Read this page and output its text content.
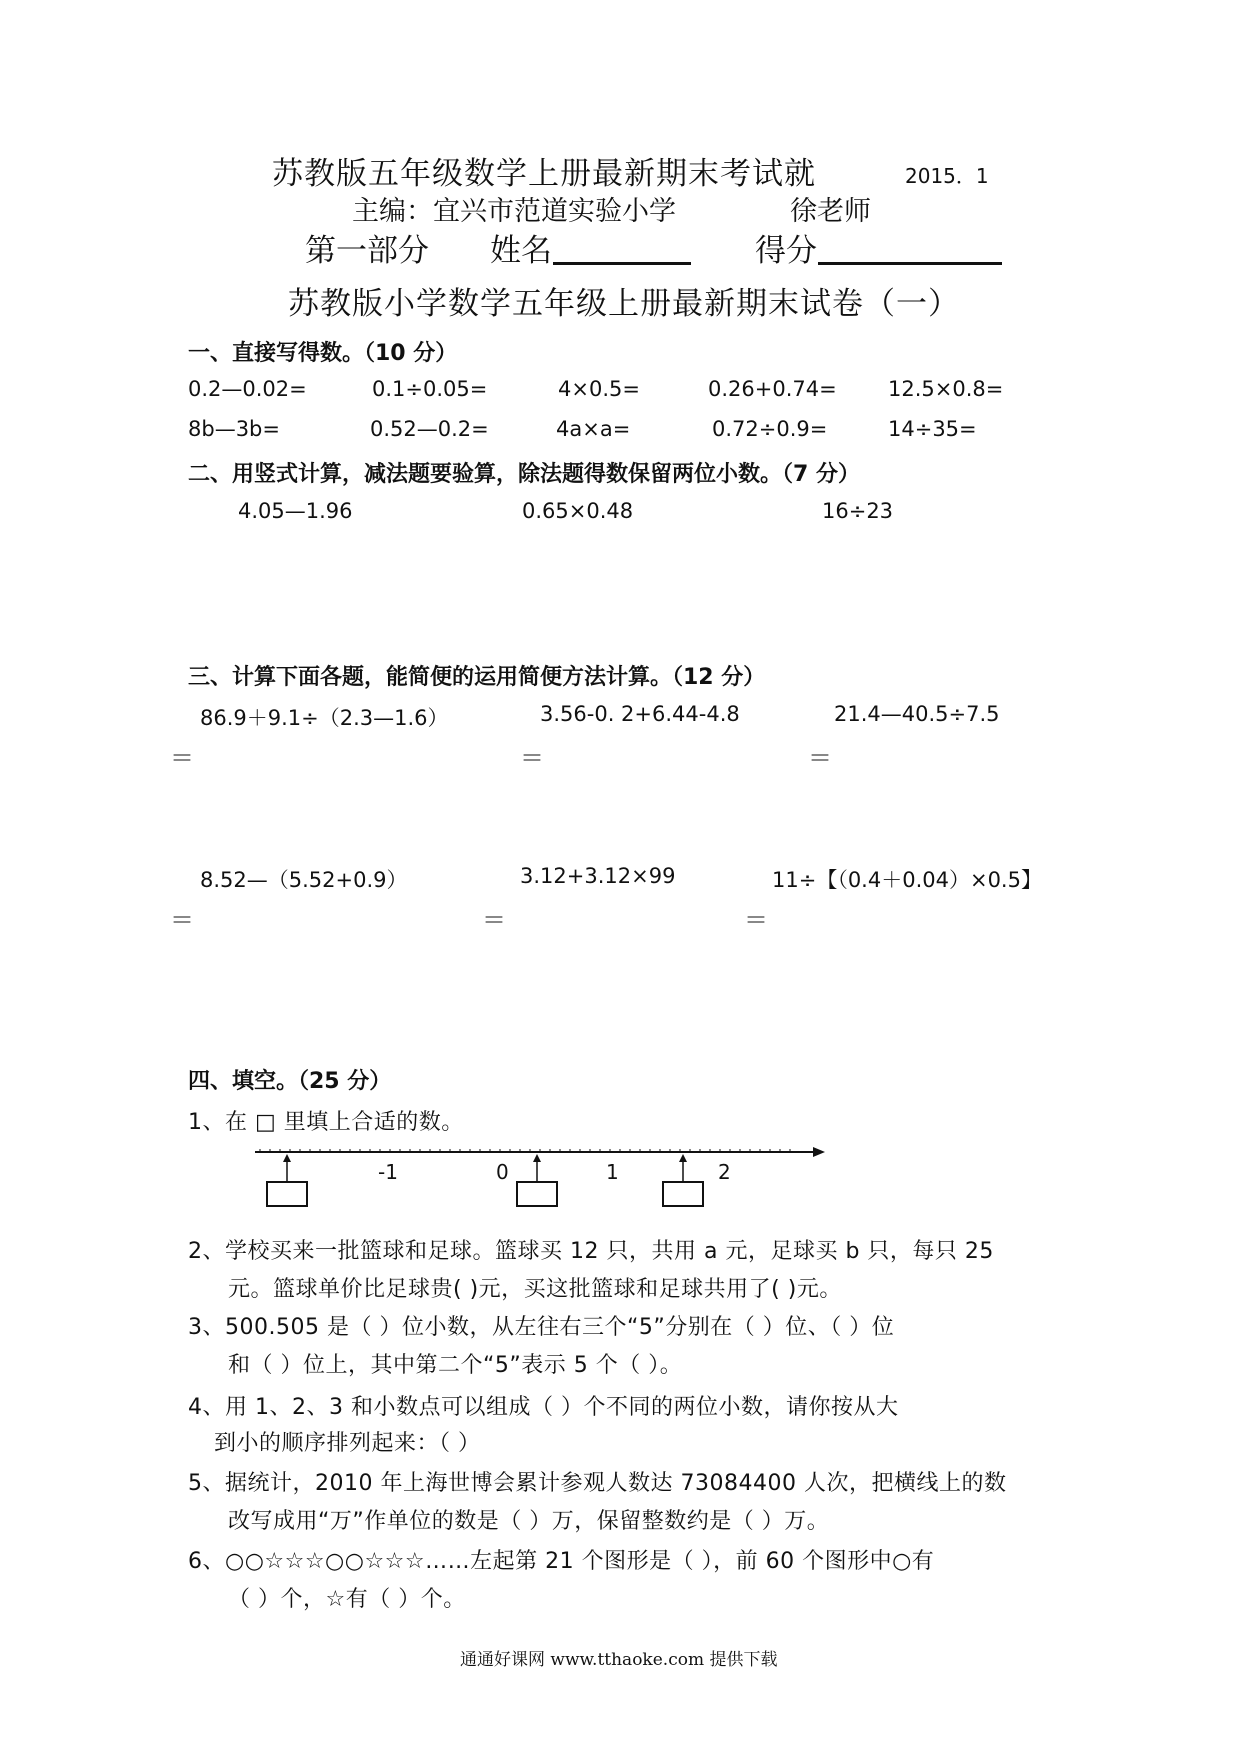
苏教版五年级数学上册最新期末考试就	2015．1
主编：宜兴市范道实验小学	徐老师
第一部分 姓名	得分
苏教版小学数学五年级上册最新期末试卷（一）
一、直接写得数。（10 分）
0.2—0.02=	0.1÷0.05=	4×0.5=	0.26+0.74= 12.5×0.8=
8b—3b=	0.52—0.2=	4a×a=	0.72÷0.9=	14÷35=
二、用竖式计算，减法题要验算，除法题得数保留两位小数。（7 分）
4.05—1.96	0.65×0.48	16÷23
三、计算下面各题，能简便的运用简便方法计算。（12 分）
86.9＋9.1÷（2.3—1.6）	3.56-0. 2+6.44-4.8	21.4—40.5÷7.5
＝	＝	＝
8.52—（5.52+0.9）	3.12+3.12×99	11÷【（0.4＋0.04）×0.5】
＝	＝	＝
四、填空。（25 分）
1、在 □ 里填上合适的数。
-1	0	1	2
2、学校买来一批篮球和足球。篮球买 12 只，共用 a 元，足球买 b 只，每只 25
元。篮球单价比足球贵( )元，买这批篮球和足球共用了( )元。
3、500.505 是（ ）位小数，从左往右三个“5”分别在（ ）位、（ ）位
和（ ）位上，其中第二个“5”表示 5 个（ ）。
4、用 1、2、3 和小数点可以组成（ ）个不同的两位小数，请你按从大
到小的顺序排列起来：（ ）
5、据统计，2010 年上海世博会累计参观人数达 73084400 人次，把横线上的数
改写成用“万”作单位的数是（ ）万，保留整数约是（ ）万。
6、○○☆☆☆○○☆☆☆……左起第 21 个图形是（ ），前 60 个图形中○有
（ ）个，☆有（ ）个。
通通好课网 www.tthaoke.com 提供下载
